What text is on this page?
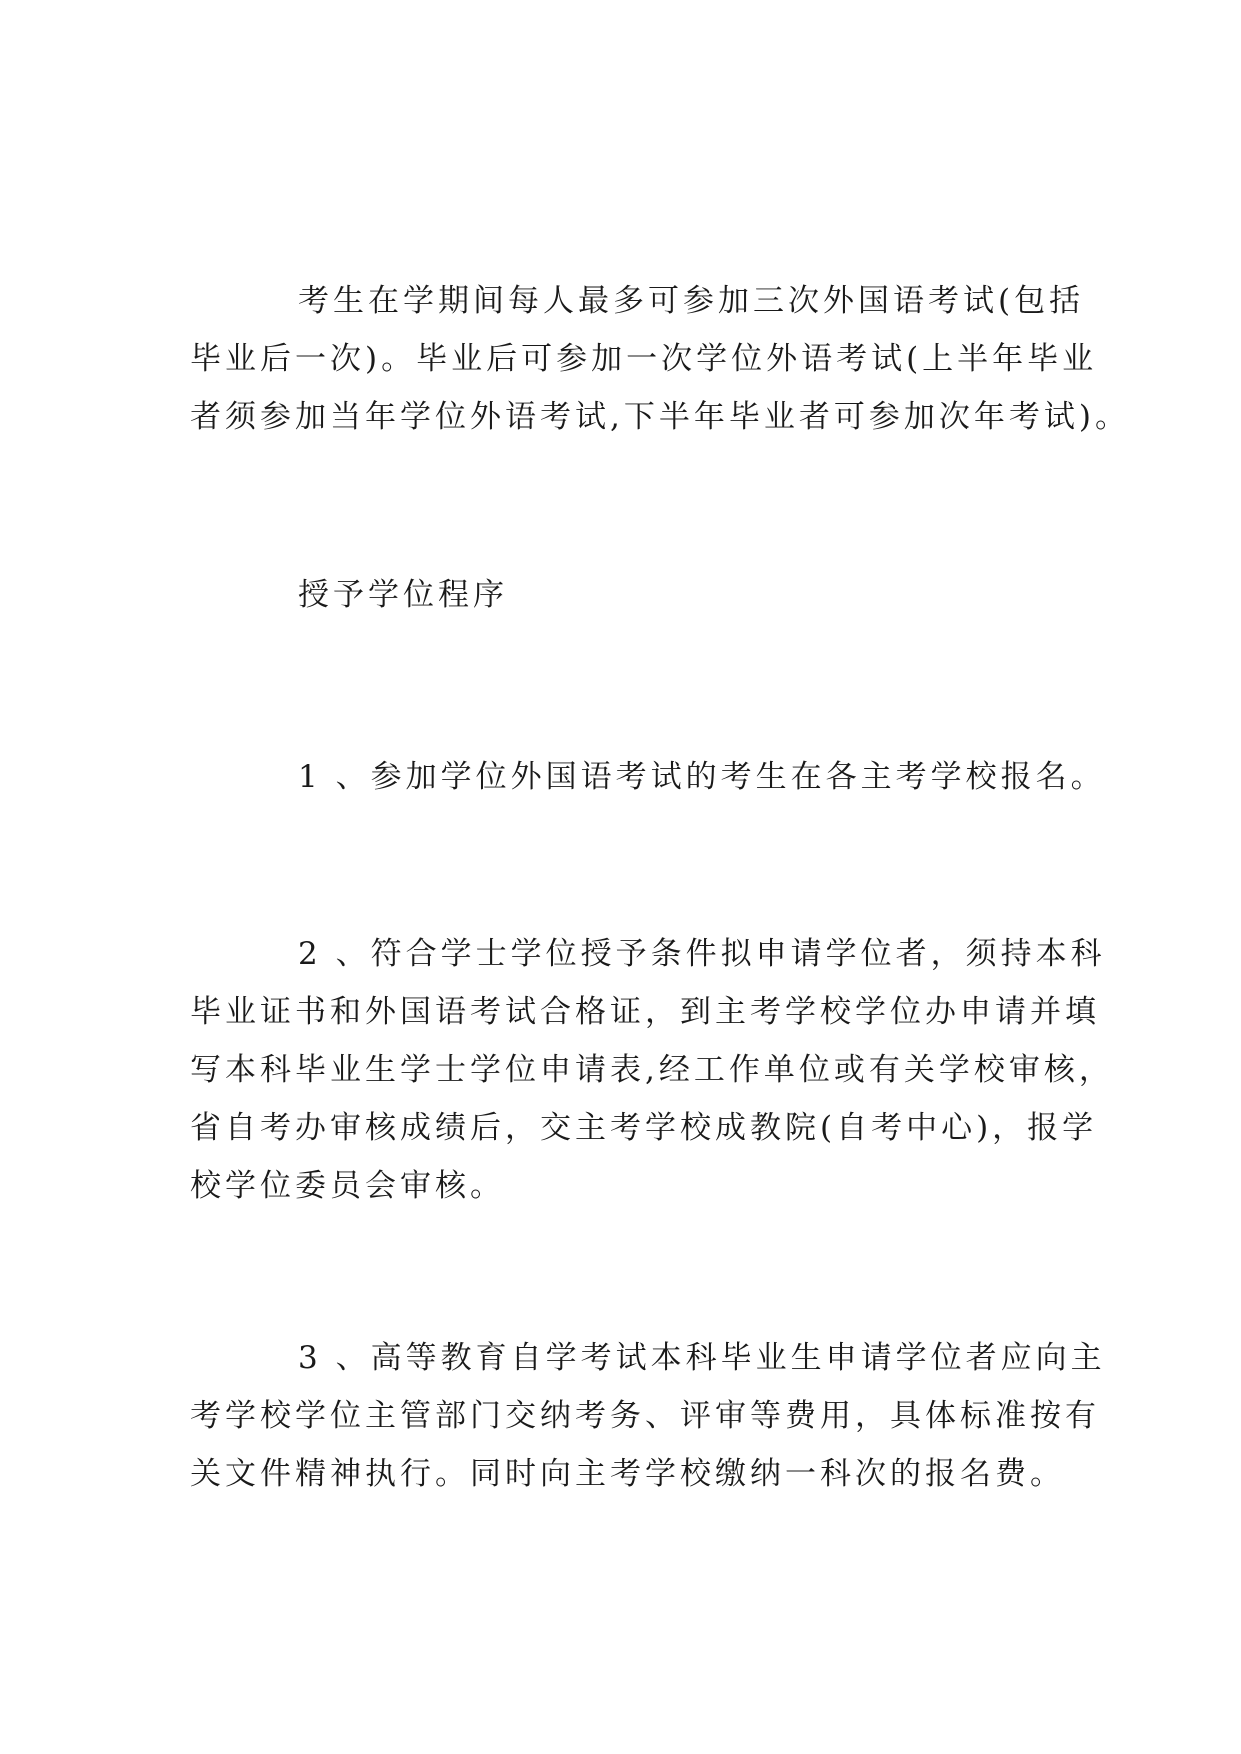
考生在学期间每人最多可参加三次外国语考试(包括
毕业后一次)。毕业后可参加一次学位外语考试(上半年毕业
者须参加当年学位外语考试,下半年毕业者可参加次年考试)。
授予学位程序
1 、参加学位外国语考试的考生在各主考学校报名。
2 、符合学士学位授予条件拟申请学位者，须持本科
毕业证书和外国语考试合格证，到主考学校学位办申请并填
写本科毕业生学士学位申请表,经工作单位或有关学校审核，
省自考办审核成绩后，交主考学校成教院(自考中心)，报学
校学位委员会审核。
3 、高等教育自学考试本科毕业生申请学位者应向主
考学校学位主管部门交纳考务、评审等费用，具体标准按有
关文件精神执行。同时向主考学校缴纳一科次的报名费。
